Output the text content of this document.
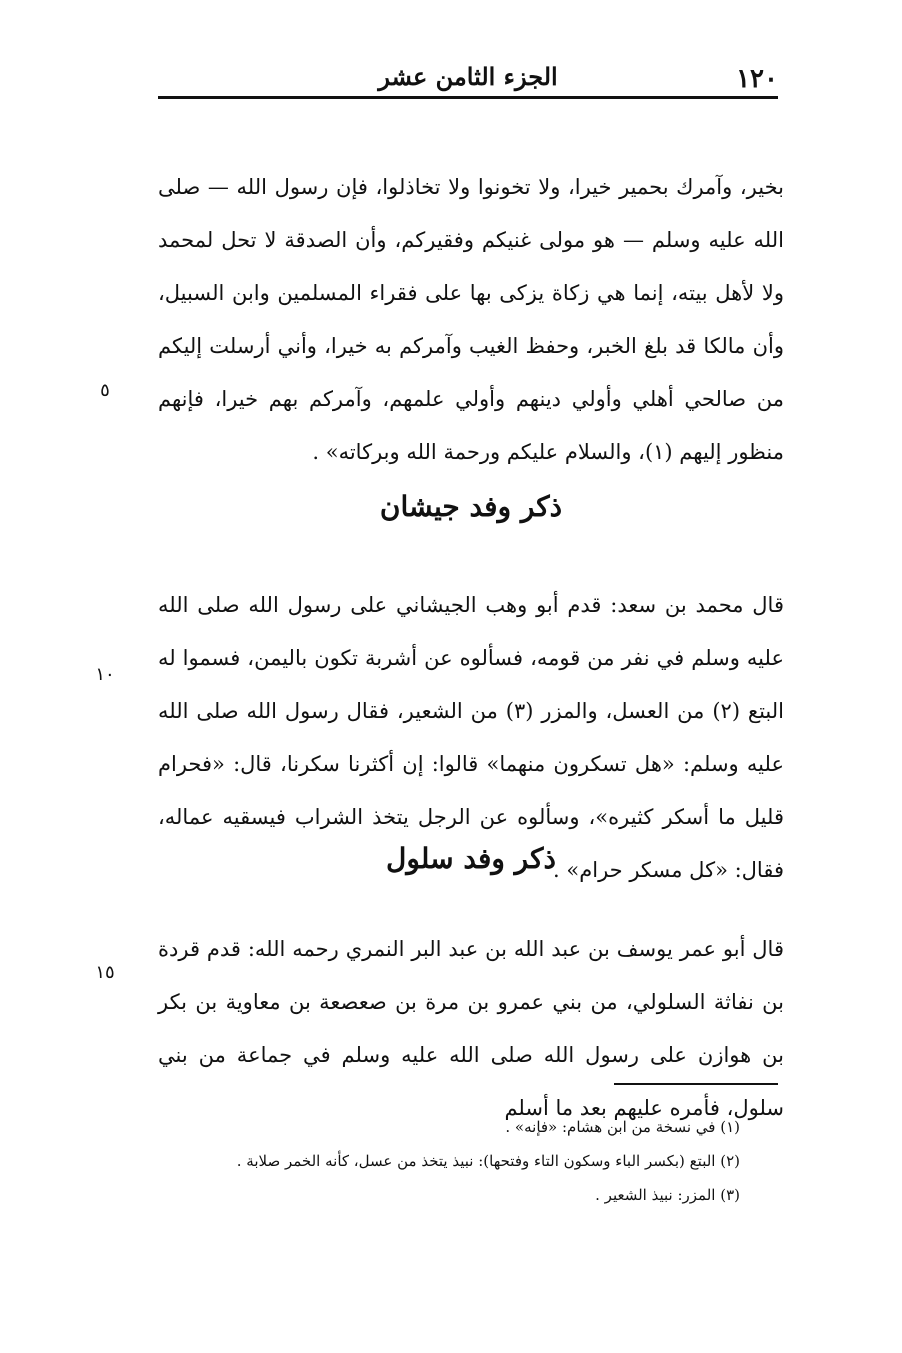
١٢٠
الجزء الثامن عشر

بخير، وآمرك بحمير خيرا، ولا تخونوا ولا تخاذلوا، فإن رسول الله — صلى الله عليه وسلم — هو مولى غنيكم وفقيركم، وأن الصدقة لا تحل لمحمد ولا لأهل بيته، إنما هي زكاة يزكى بها على فقراء المسلمين وابن السبيل، وأن مالكا قد بلغ الخبر، وحفظ الغيب وآمركم به خيرا، وأني أرسلت إليكم من صالحي أهلي وأولي دينهم وأولي علمهم، وآمركم بهم خيرا، فإنهم منظور إليهم (١)، والسلام عليكم ورحمة الله وبركاته» .

ذكر وفد جيشان

قال محمد بن سعد: قدم أبو وهب الجيشاني على رسول الله صلى الله عليه وسلم في نفر من قومه، فسألوه عن أشربة تكون باليمن، فسموا له البتع (٢) من العسل، والمزر (٣) من الشعير، فقال رسول الله صلى الله عليه وسلم: «هل تسكرون منهما» قالوا: إن أكثرنا سكرنا، قال: «فحرام قليل ما أسكر كثيره»، وسألوه عن الرجل يتخذ الشراب فيسقيه عماله، فقال: «كل مسكر حرام» .

ذكر وفد سلول

قال أبو عمر يوسف بن عبد الله بن عبد البر النمري رحمه الله: قدم قردة بن نفاثة السلولي، من بني عمرو بن مرة بن صعصعة بن معاوية بن بكر بن هوازن على رسول الله صلى الله عليه وسلم في جماعة من بني سلول، فأمره عليهم بعد ما أسلم

٥
١٠
١٥
(١) في نسخة من ابن هشام: «فإنه» .
(٢) البتع (بكسر الباء وسكون التاء وفتحها): نبيذ يتخذ من عسل، كأنه الخمر صلابة .
(٣) المزر: نبيذ الشعير .
